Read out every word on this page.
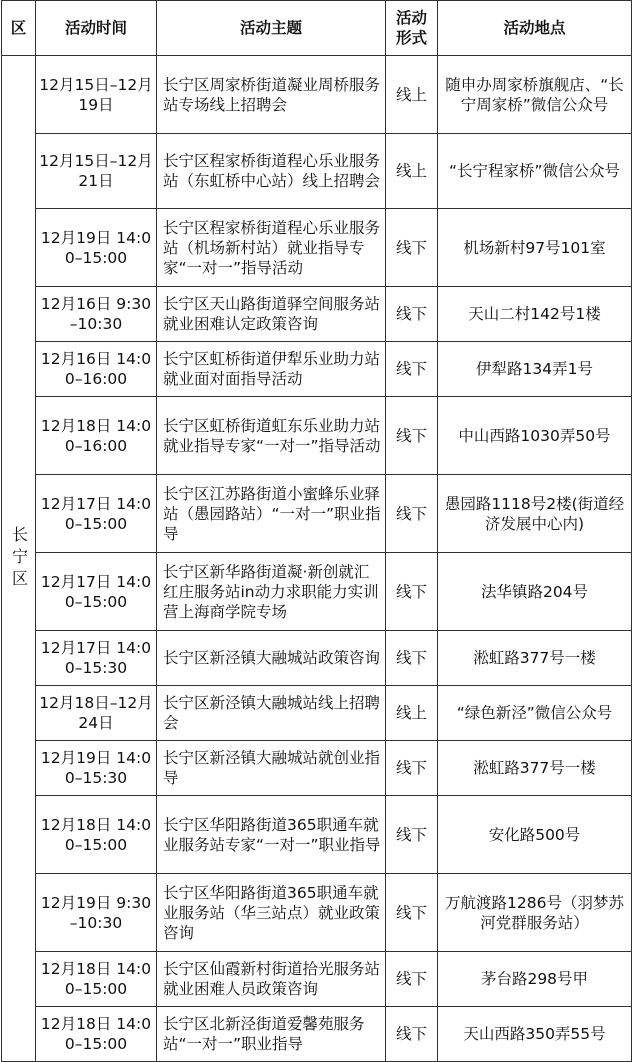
区	活动时间	活动主题	活动形式	活动地点
长宁区	12月15日–12月19日	长宁区周家桥街道凝业周桥服务站专场线上招聘会	线上	随申办周家桥旗舰店、“长宁周家桥”微信公众号
	12月15日–12月21日	长宁区程家桥街道程心乐业服务站（东虹桥中心站）线上招聘会	线上	“长宁程家桥”微信公众号
	12月19日 14:00–15:00	长宁区程家桥街道程心乐业服务站（机场新村站）就业指导专家“一对一”指导活动	线下	机场新村97号101室
	12月16日 9:30–10:30	长宁区天山路街道驿空间服务站就业困难认定政策咨询	线下	天山二村142号1楼
	12月16日 14:00–16:00	长宁区虹桥街道伊犁乐业助力站就业面对面指导活动	线下	伊犁路134弄1号
	12月18日 14:00–16:00	长宁区虹桥街道虹东乐业助力站就业指导专家“一对一”指导活动	线下	中山西路1030弄50号
	12月17日 14:00–15:00	长宁区江苏路街道小蜜蜂乐业驿站（愚园路站）“一对一”职业指导	线下	愚园路1118号2楼(街道经济发展中心内)
	12月17日 14:00–15:00	长宁区新华路街道凝·新创就汇红庄服务站in动力求职能力实训营上海商学院专场	线下	法华镇路204号
	12月17日 14:00–15:30	长宁区新泾镇大融城站政策咨询	线下	淞虹路377号一楼
	12月18日–12月24日	长宁区新泾镇大融城站线上招聘会	线上	“绿色新泾”微信公众号
	12月19日 14:00–15:30	长宁区新泾镇大融城站就创业指导	线下	淞虹路377号一楼
	12月18日 14:00–15:00	长宁区华阳路街道365职通车就业服务站专家“一对一”职业指导	线下	安化路500号
	12月19日 9:30–10:30	长宁区华阳路街道365职通车就业服务站（华三站点）就业政策咨询	线下	万航渡路1286号（羽梦苏河党群服务站）
	12月18日 14:00–15:00	长宁区仙霞新村街道拾光服务站就业困难人员政策咨询	线下	茅台路298号甲
	12月18日 14:00–15:00	长宁区北新泾街道爱馨苑服务站“一对一”职业指导	线下	天山西路350弄55号
